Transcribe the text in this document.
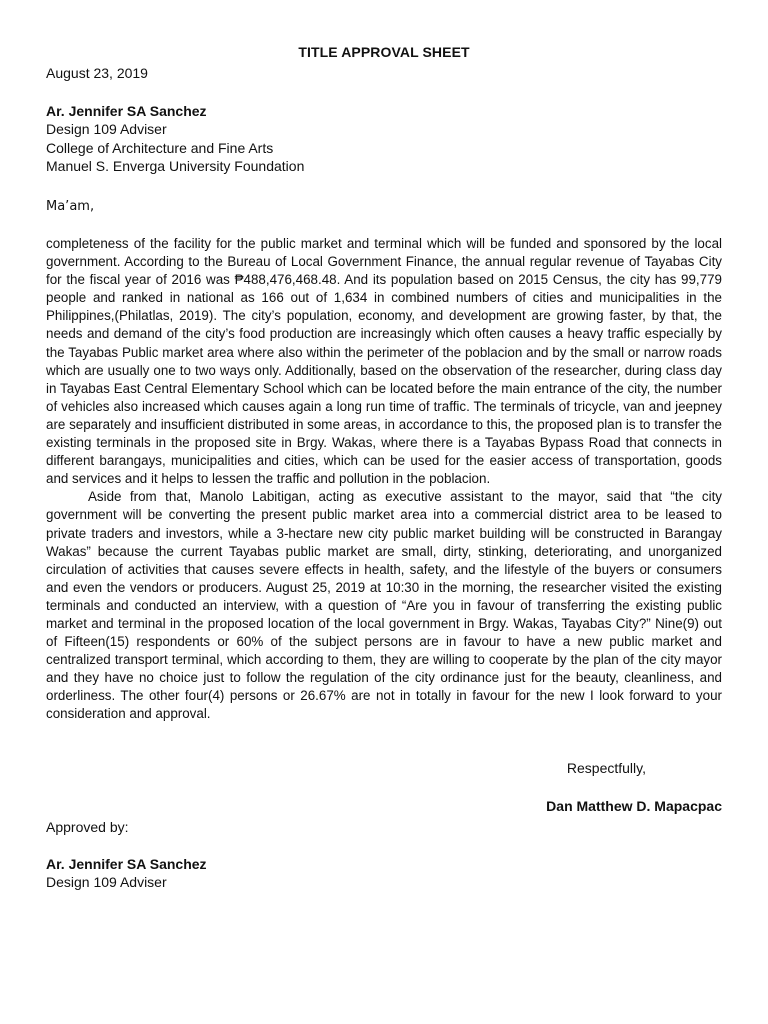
TITLE APPROVAL SHEET
August 23, 2019
Ar. Jennifer SA Sanchez
Design 109 Adviser
College of Architecture and Fine Arts
Manuel S. Enverga University Foundation
Ma’am,

completeness of the facility for the public market and terminal which will be funded and sponsored by the local government. According to the Bureau of Local Government Finance, the annual regular revenue of Tayabas City for the fiscal year of 2016 was ₱488,476,468.48. And its population based on 2015 Census, the city has 99,779 people and ranked in national as 166 out of 1,634 in combined numbers of cities and municipalities in the Philippines,(Philatlas, 2019). The city’s population, economy, and development are growing faster, by that, the needs and demand of the city’s food production are increasingly which often causes a heavy traffic especially by the Tayabas Public market area where also within the perimeter of the poblacion and by the small or narrow roads which are usually one to two ways only. Additionally, based on the observation of the researcher, during class day in Tayabas East Central Elementary School which can be located before the main entrance of the city, the number of vehicles also increased which causes again a long run time of traffic. The terminals of tricycle, van and jeepney are separately and insufficient distributed in some areas, in accordance to this, the proposed plan is to transfer the existing terminals in the proposed site in Brgy. Wakas, where there is a Tayabas Bypass Road that connects in different barangays, municipalities and cities, which can be used for the easier access of transportation, goods and services and it helps to lessen the traffic and pollution in the poblacion.

Aside from that, Manolo Labitigan, acting as executive assistant to the mayor, said that “the city government will be converting the present public market area into a commercial district area to be leased to private traders and investors, while a 3-hectare new city public market building will be constructed in Barangay Wakas” because the current Tayabas public market are small, dirty, stinking, deteriorating, and unorganized circulation of activities that causes severe effects in health, safety, and the lifestyle of the buyers or consumers and even the vendors or producers. August 25, 2019 at 10:30 in the morning, the researcher visited the existing terminals and conducted an interview, with a question of “Are you in favour of transferring the existing public market and terminal in the proposed location of the local government in Brgy. Wakas, Tayabas City?” Nine(9) out of Fifteen(15) respondents or 60% of the subject persons are in favour to have a new public market and centralized transport terminal, which according to them, they are willing to cooperate by the plan of the city mayor and they have no choice just to follow the regulation of the city ordinance just for the beauty, cleanliness, and orderliness. The other four(4) persons or 26.67% are not in totally in favour for the new I look forward to your consideration and approval.

Respectfully,
Dan Matthew D. Mapacpac
Approved by:
Ar. Jennifer SA Sanchez
Design 109 Adviser
